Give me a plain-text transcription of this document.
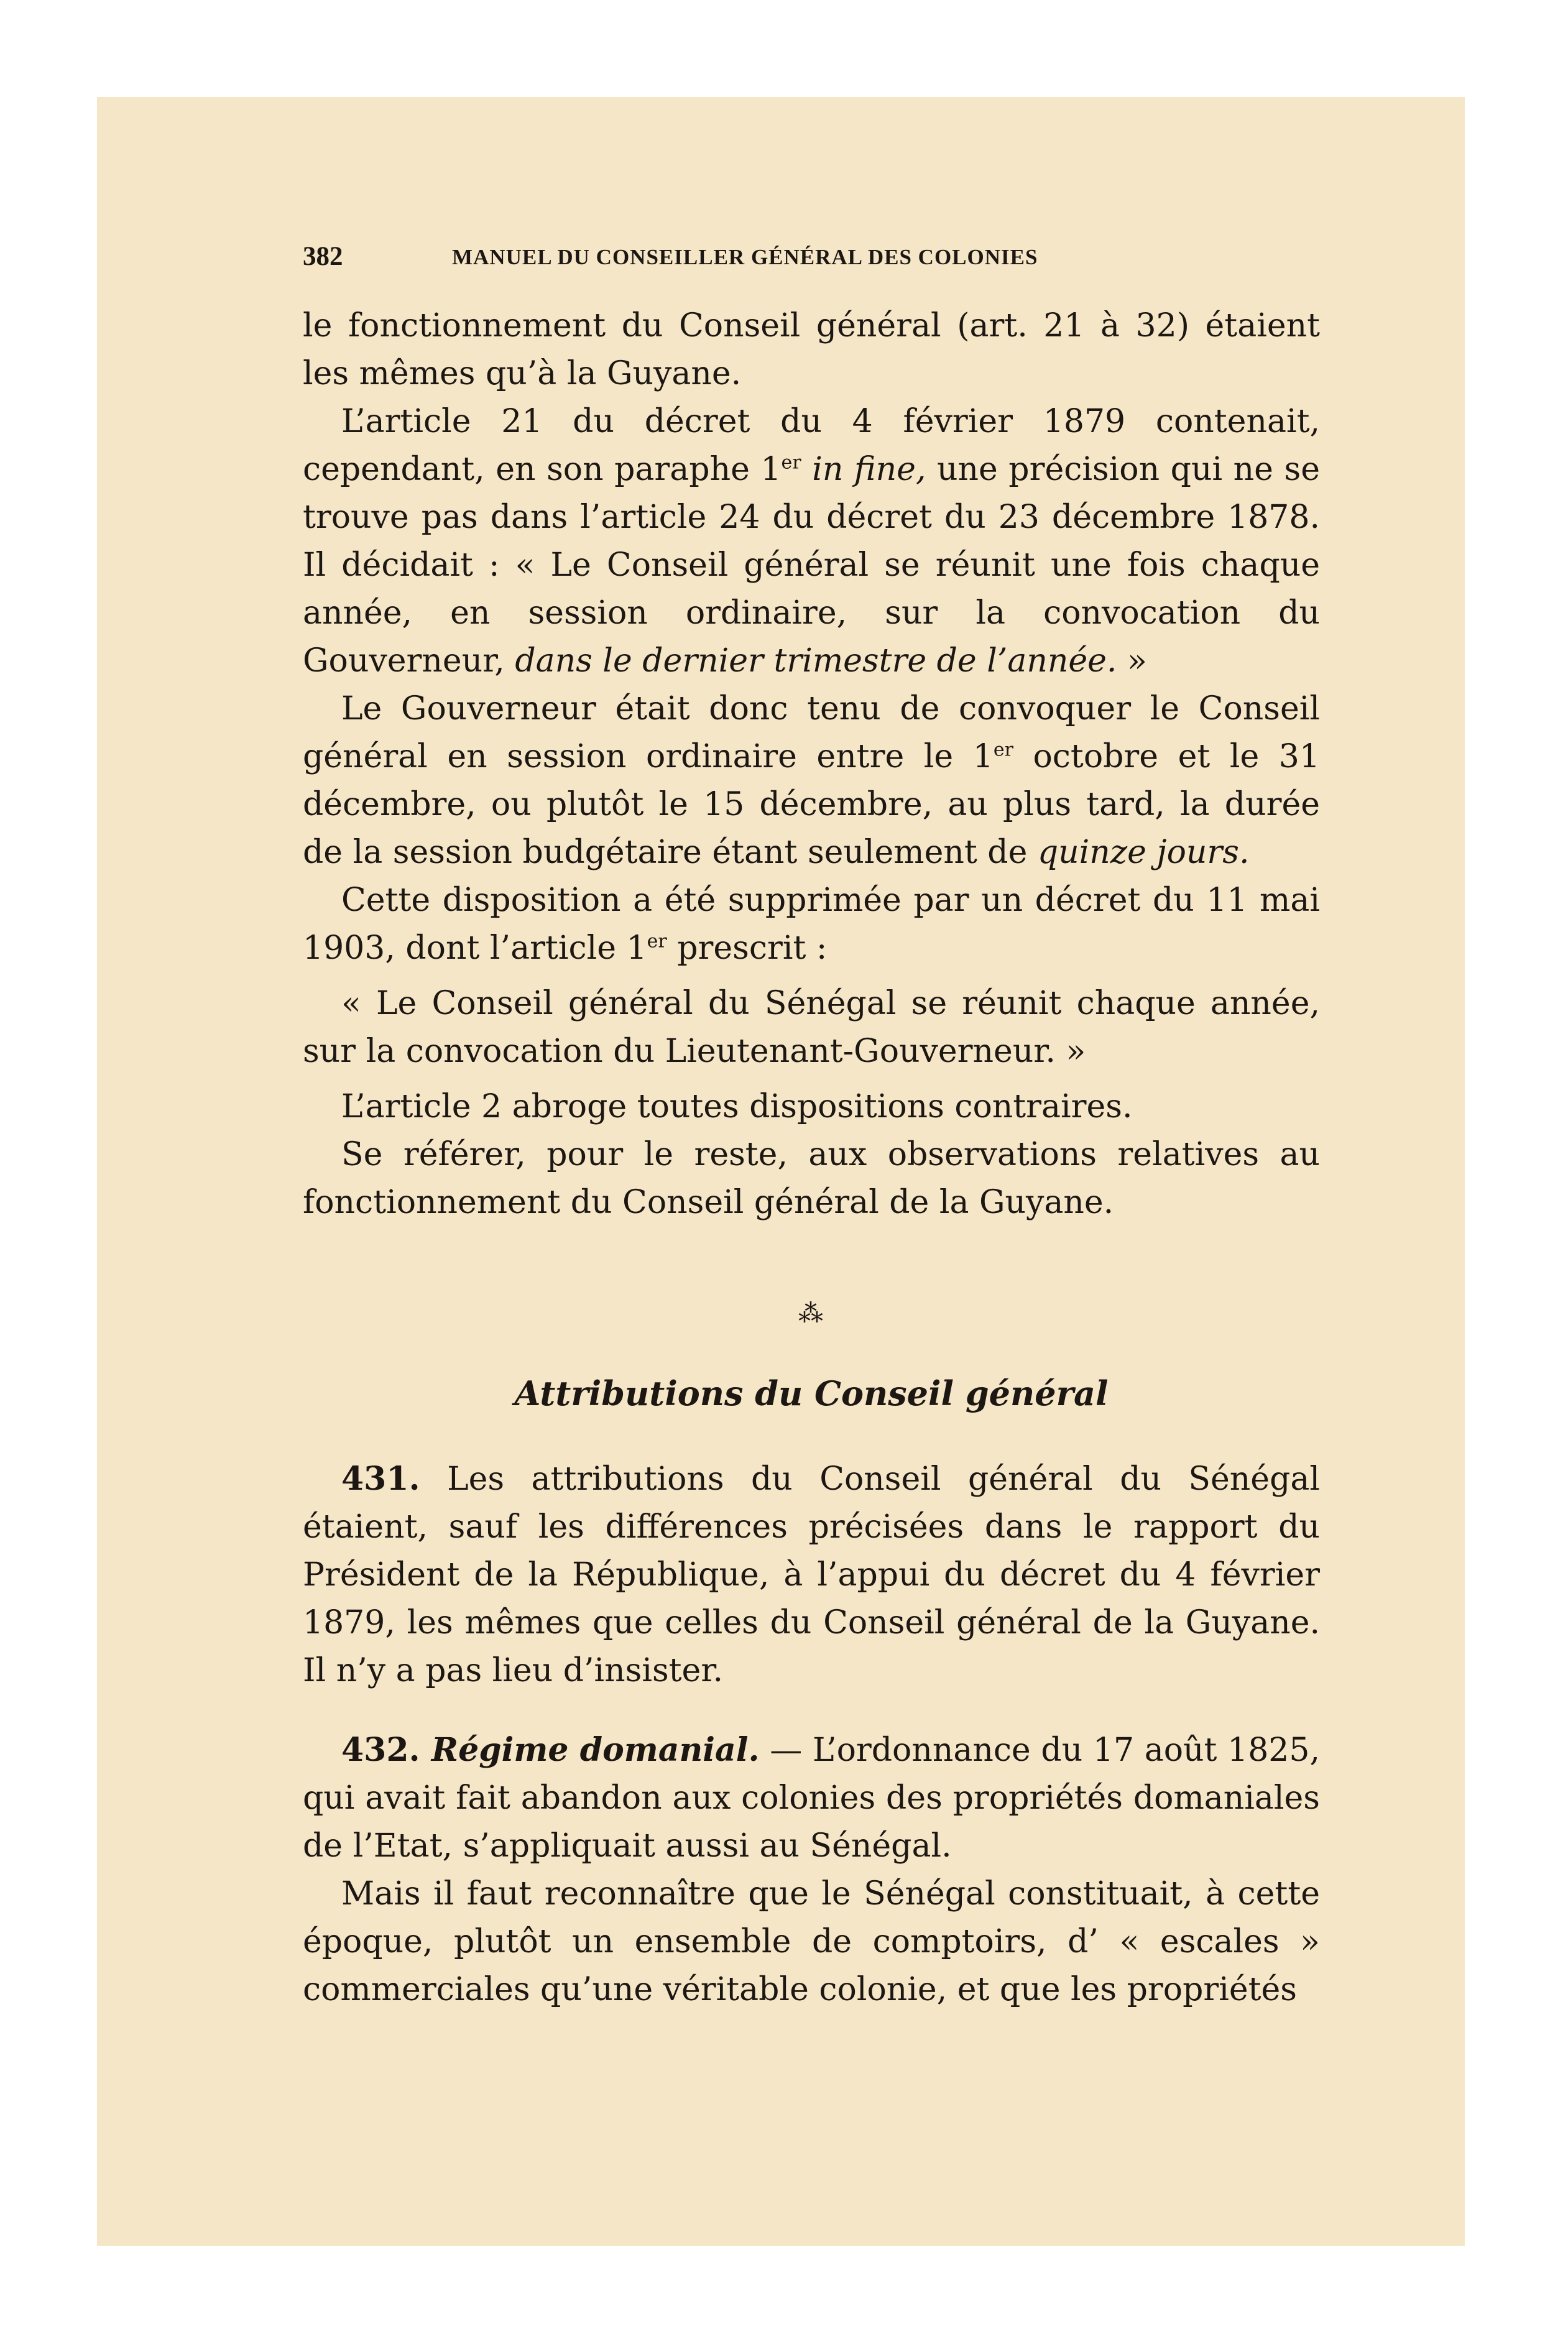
382	MANUEL DU CONSEILLER GÉNÉRAL DES COLONIES

le fonctionnement du Conseil général (art. 21 à 32) étaient les mêmes qu’à la Guyane.

L’article 21 du décret du 4 février 1879 contenait, cependant, en son paraphe 1er in fine, une précision qui ne se trouve pas dans l’article 24 du décret du 23 décembre 1878. Il décidait : « Le Conseil général se réunit une fois chaque année, en session ordinaire, sur la convocation du Gouverneur, dans le dernier trimestre de l’année. »

Le Gouverneur était donc tenu de convoquer le Conseil général en session ordinaire entre le 1er octobre et le 31 décembre, ou plutôt le 15 décembre, au plus tard, la durée de la session budgétaire étant seulement de quinze jours.

Cette disposition a été supprimée par un décret du 11 mai 1903, dont l’article 1er prescrit :

« Le Conseil général du Sénégal se réunit chaque année, sur la convocation du Lieutenant-Gouverneur. »

L’article 2 abroge toutes dispositions contraires.

Se référer, pour le reste, aux observations relatives au fonctionnement du Conseil général de la Guyane.

⁂
Attributions du Conseil général

431. Les attributions du Conseil général du Sénégal étaient, sauf les différences précisées dans le rapport du Président de la République, à l’appui du décret du 4 février 1879, les mêmes que celles du Conseil général de la Guyane. Il n’y a pas lieu d’insister.

432. Régime domanial. — L’ordonnance du 17 août 1825, qui avait fait abandon aux colonies des propriétés domaniales de l’Etat, s’appliquait aussi au Sénégal.

Mais il faut reconnaître que le Sénégal constituait, à cette époque, plutôt un ensemble de comptoirs, d’ « escales » commerciales qu’une véritable colonie, et que les propriétés
